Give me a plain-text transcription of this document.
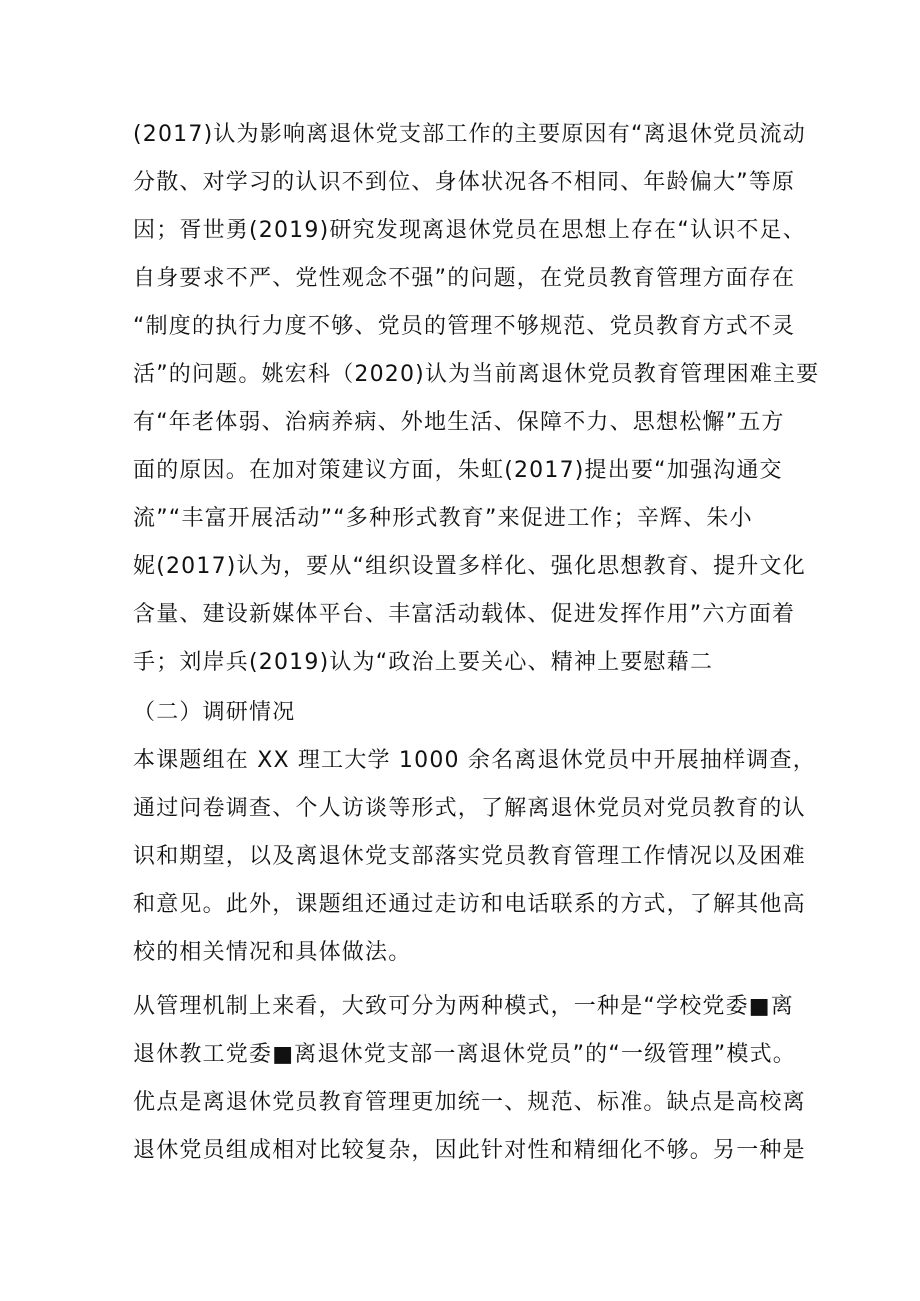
(2017)认为影响离退休党支部工作的主要原因有“离退休党员流动
分散、对学习的认识不到位、身体状况各不相同、年龄偏大”等原
因；胥世勇(2019)研究发现离退休党员在思想上存在“认识不足、
自身要求不严、党性观念不强”的问题，在党员教育管理方面存在
“制度的执行力度不够、党员的管理不够规范、党员教育方式不灵
活”的问题。姚宏科（2020)认为当前离退休党员教育管理困难主要
有“年老体弱、治病养病、外地生活、保障不力、思想松懈”五方
面的原因。在加对策建议方面，朱虹(2017)提出要“加强沟通交
流”“丰富开展活动”“多种形式教育”来促进工作；辛辉、朱小
妮(2017)认为，要从“组织设置多样化、强化思想教育、提升文化
含量、建设新媒体平台、丰富活动载体、促进发挥作用”六方面着
手；刘岸兵(2019)认为“政治上要关心、精神上要慰藉二
（二）调研情况
本课题组在 XX 理工大学 1000 余名离退休党员中开展抽样调查，
通过问卷调查、个人访谈等形式，了解离退休党员对党员教育的认
识和期望，以及离退休党支部落实党员教育管理工作情况以及困难
和意见。此外，课题组还通过走访和电话联系的方式，了解其他高
校的相关情况和具体做法。
从管理机制上来看，大致可分为两种模式，一种是“学校党委■离
退休教工党委■离退休党支部一离退休党员”的“一级管理”模式。
优点是离退休党员教育管理更加统一、规范、标准。缺点是高校离
退休党员组成相对比较复杂，因此针对性和精细化不够。另一种是
